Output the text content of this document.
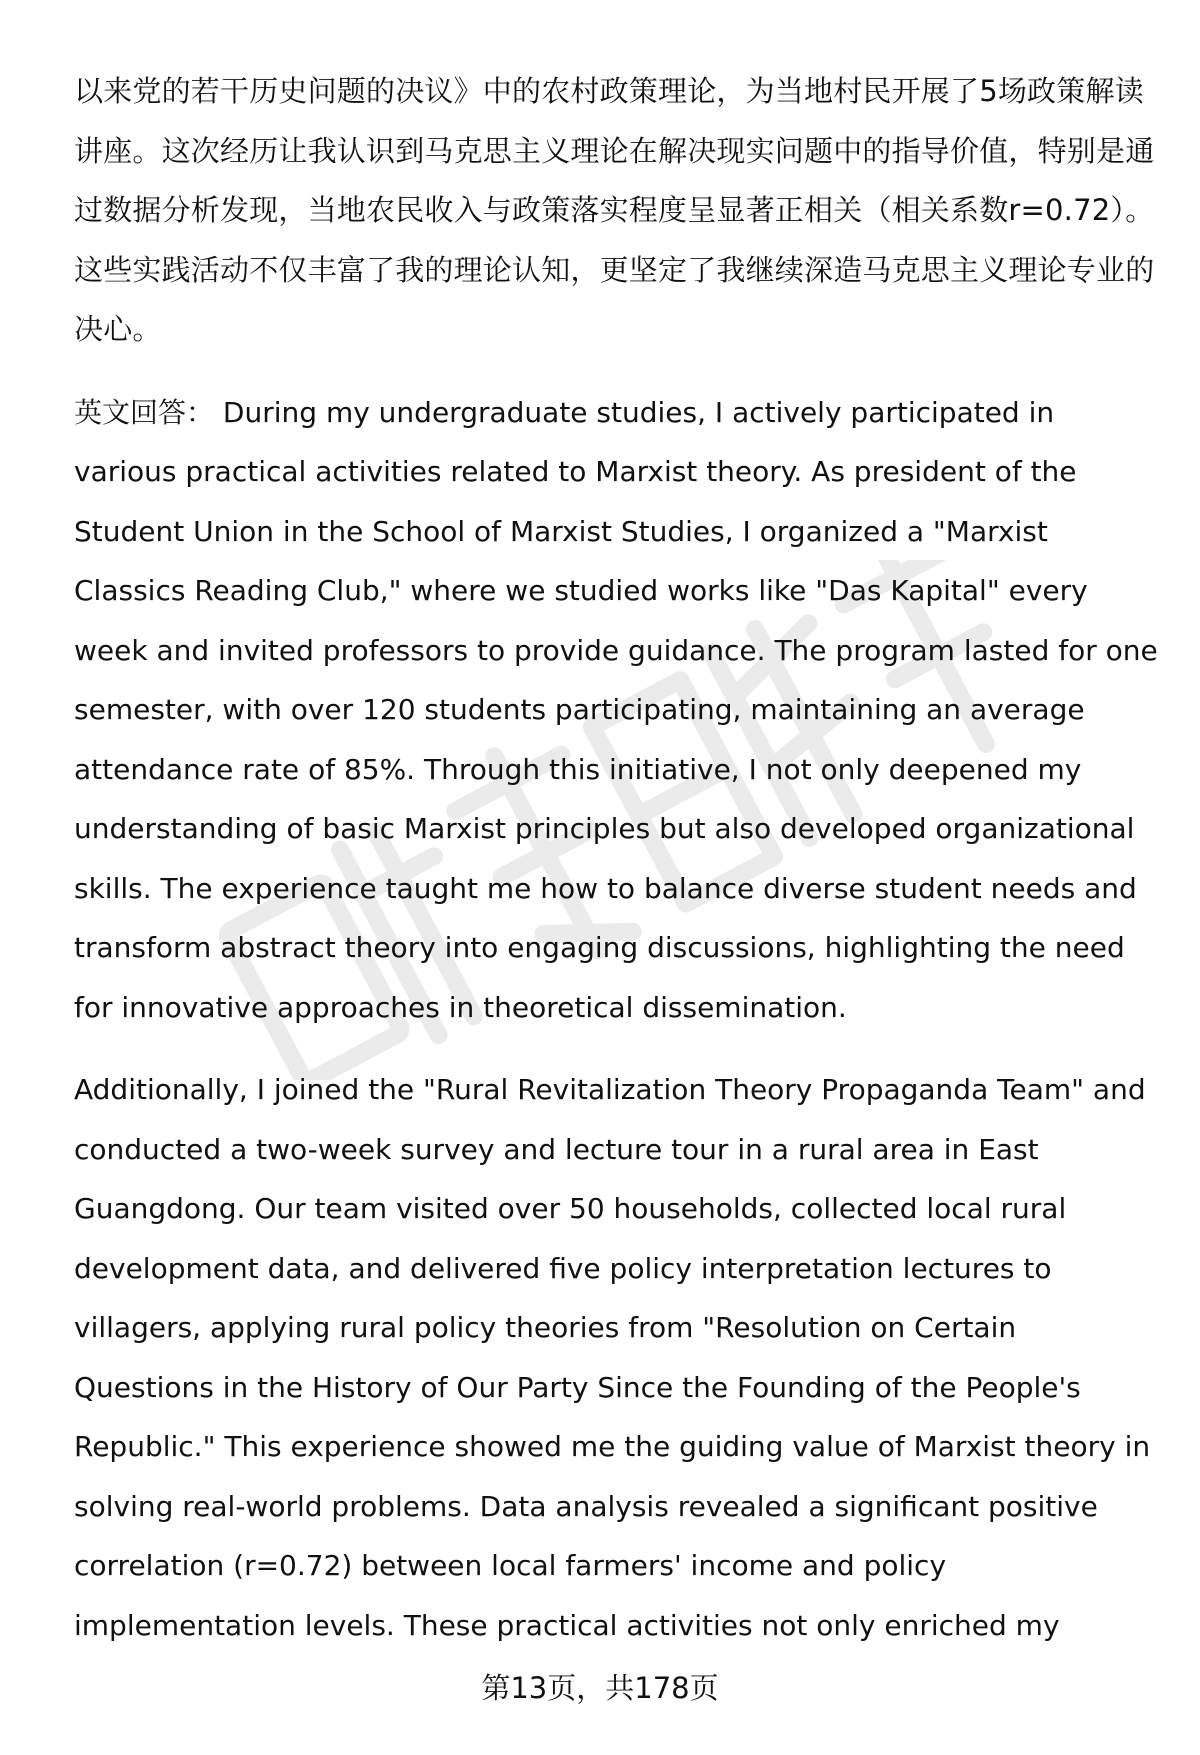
以来党的若干历史问题的决议》中的农村政策理论，为当地村民开展了5场政策解读讲座。这次经历让我认识到马克思主义理论在解决现实问题中的指导价值，特别是通过数据分析发现，当地农民收入与政策落实程度呈显著正相关（相关系数r=0.72）。这些实践活动不仅丰富了我的理论认知，更坚定了我继续深造马克思主义理论专业的决心。

英文回答： During my undergraduate studies, I actively participated in various practical activities related to Marxist theory. As president of the Student Union in the School of Marxist Studies, I organized a "Marxist Classics Reading Club," where we studied works like "Das Kapital" every week and invited professors to provide guidance. The program lasted for one semester, with over 120 students participating, maintaining an average attendance rate of 85%. Through this initiative, I not only deepened my understanding of basic Marxist principles but also developed organizational skills. The experience taught me how to balance diverse student needs and transform abstract theory into engaging discussions, highlighting the need for innovative approaches in theoretical dissemination.

Additionally, I joined the "Rural Revitalization Theory Propaganda Team" and conducted a two-week survey and lecture tour in a rural area in East Guangdong. Our team visited over 50 households, collected local rural development data, and delivered five policy interpretation lectures to villagers, applying rural policy theories from "Resolution on Certain Questions in the History of Our Party Since the Founding of the People's Republic." This experience showed me the guiding value of Marxist theory in solving real-world problems. Data analysis revealed a significant positive correlation (r=0.72) between local farmers' income and policy implementation levels. These practical activities not only enriched my

第13页，共178页
